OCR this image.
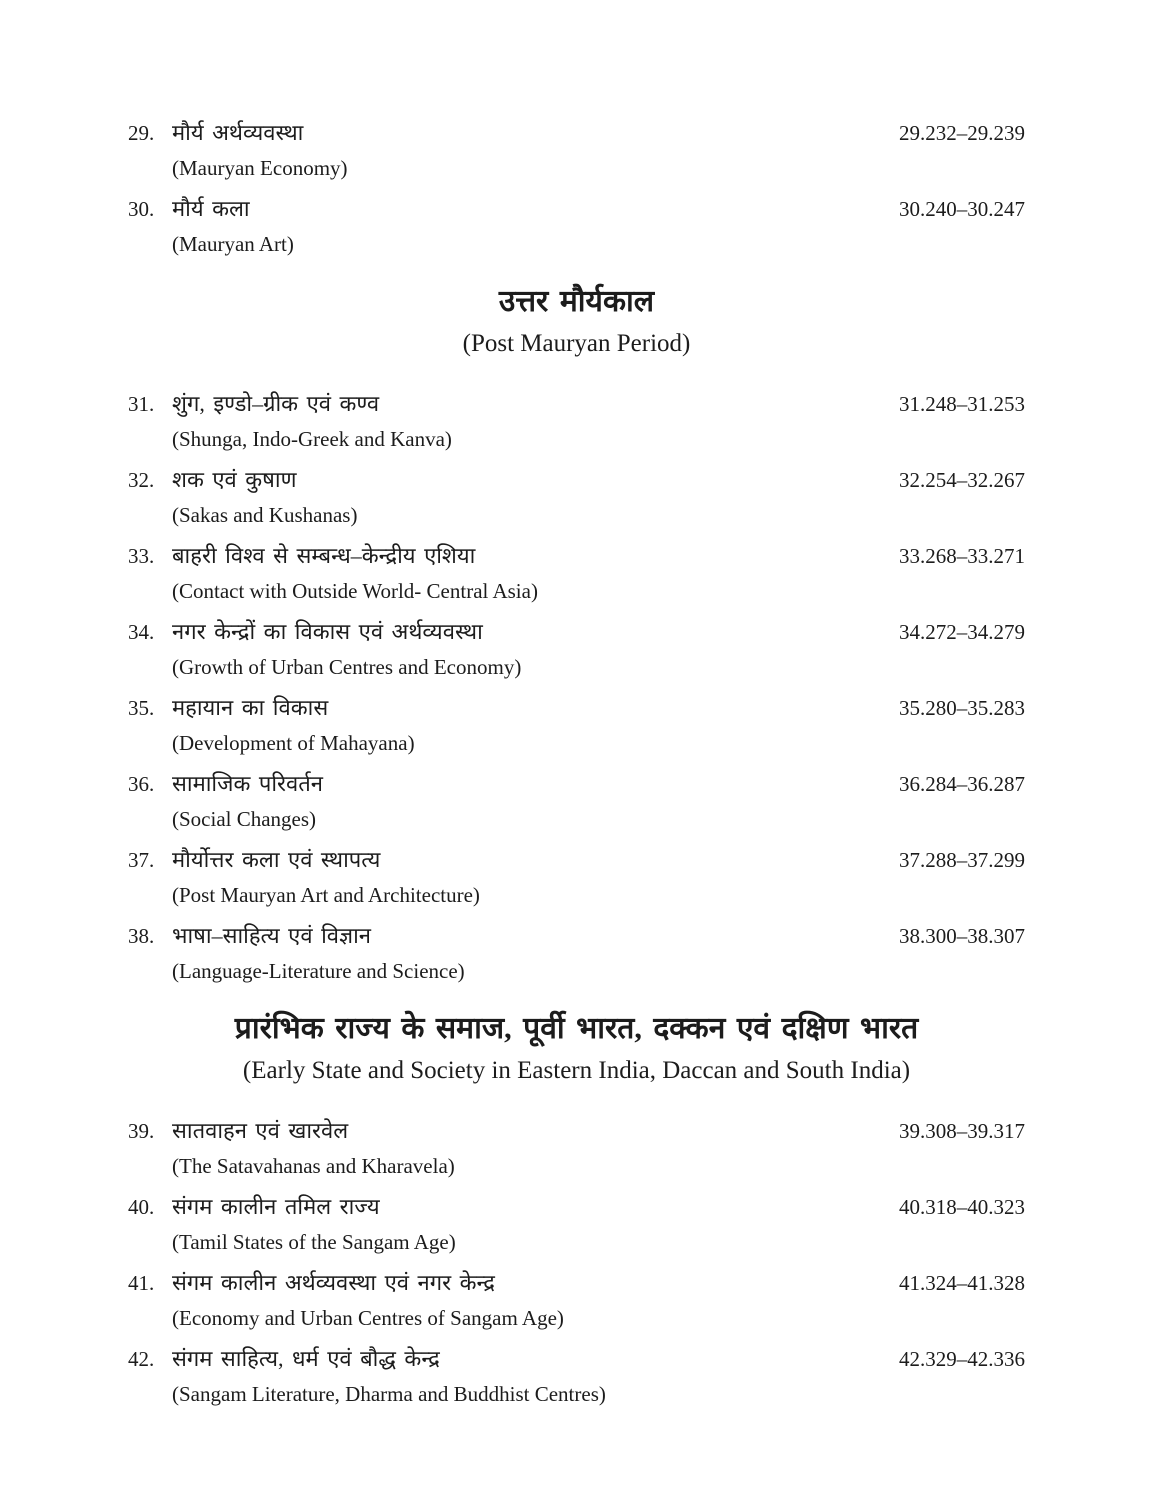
29. मौर्य अर्थव्यवस्था	29.232–29.239
(Mauryan Economy)
30. मौर्य कला	30.240–30.247
(Mauryan Art)
उत्तर मौर्यकाल
(Post Mauryan Period)
31. शुंग, इण्डो–ग्रीक एवं कण्व	31.248–31.253
(Shunga, Indo-Greek and Kanva)
32. शक एवं कुषाण	32.254–32.267
(Sakas and Kushanas)
33. बाहरी विश्व से सम्बन्ध–केन्द्रीय एशिया	33.268–33.271
(Contact with Outside World- Central Asia)
34. नगर केन्द्रों का विकास एवं अर्थव्यवस्था	34.272–34.279
(Growth of Urban Centres and Economy)
35. महायान का विकास	35.280–35.283
(Development of Mahayana)
36. सामाजिक परिवर्तन	36.284–36.287
(Social Changes)
37. मौर्योत्तर कला एवं स्थापत्य	37.288–37.299
(Post Mauryan Art and Architecture)
38. भाषा–साहित्य एवं विज्ञान	38.300–38.307
(Language-Literature and Science)
प्रारंभिक राज्य के समाज, पूर्वी भारत, दक्कन एवं दक्षिण भारत
(Early State and Society in Eastern India, Daccan and South India)
39. सातवाहन एवं खारवेल	39.308–39.317
(The Satavahanas and Kharavela)
40. संगम कालीन तमिल राज्य	40.318–40.323
(Tamil States of the Sangam Age)
41. संगम कालीन अर्थव्यवस्था एवं नगर केन्द्र	41.324–41.328
(Economy and Urban Centres of Sangam Age)
42. संगम साहित्य, धर्म एवं बौद्ध केन्द्र	42.329–42.336
(Sangam Literature, Dharma and Buddhist Centres)
